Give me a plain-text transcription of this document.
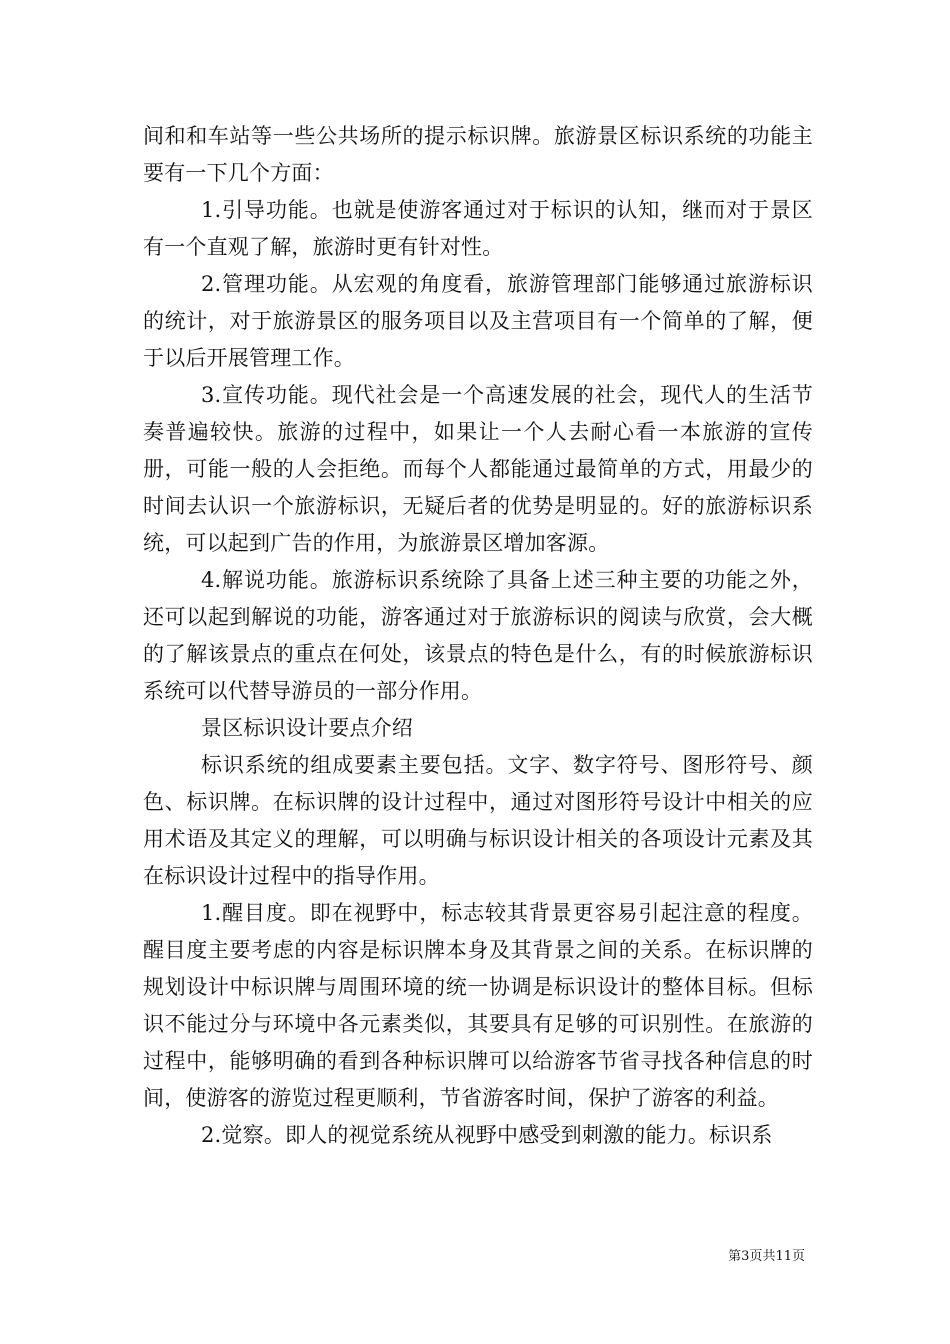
间和和车站等一些公共场所的提示标识牌。旅游景区标识系统的功能主要有一下几个方面：

1.引导功能。也就是使游客通过对于标识的认知，继而对于景区有一个直观了解，旅游时更有针对性。

2.管理功能。从宏观的角度看，旅游管理部门能够通过旅游标识的统计，对于旅游景区的服务项目以及主营项目有一个简单的了解，便于以后开展管理工作。

3.宣传功能。现代社会是一个高速发展的社会，现代人的生活节奏普遍较快。旅游的过程中，如果让一个人去耐心看一本旅游的宣传册，可能一般的人会拒绝。而每个人都能通过最简单的方式，用最少的时间去认识一个旅游标识，无疑后者的优势是明显的。好的旅游标识系统，可以起到广告的作用，为旅游景区增加客源。

4.解说功能。旅游标识系统除了具备上述三种主要的功能之外，还可以起到解说的功能，游客通过对于旅游标识的阅读与欣赏，会大概的了解该景点的重点在何处，该景点的特色是什么，有的时候旅游标识系统可以代替导游员的一部分作用。

景区标识设计要点介绍

标识系统的组成要素主要包括。文字、数字符号、图形符号、颜色、标识牌。在标识牌的设计过程中，通过对图形符号设计中相关的应用术语及其定义的理解，可以明确与标识设计相关的各项设计元素及其在标识设计过程中的指导作用。

1.醒目度。即在视野中，标志较其背景更容易引起注意的程度。醒目度主要考虑的内容是标识牌本身及其背景之间的关系。在标识牌的规划设计中标识牌与周围环境的统一协调是标识设计的整体目标。但标识不能过分与环境中各元素类似，其要具有足够的可识别性。在旅游的过程中，能够明确的看到各种标识牌可以给游客节省寻找各种信息的时间，使游客的游览过程更顺利，节省游客时间，保护了游客的利益。

2.觉察。即人的视觉系统从视野中感受到刺激的能力。标识系

第3页共11页
